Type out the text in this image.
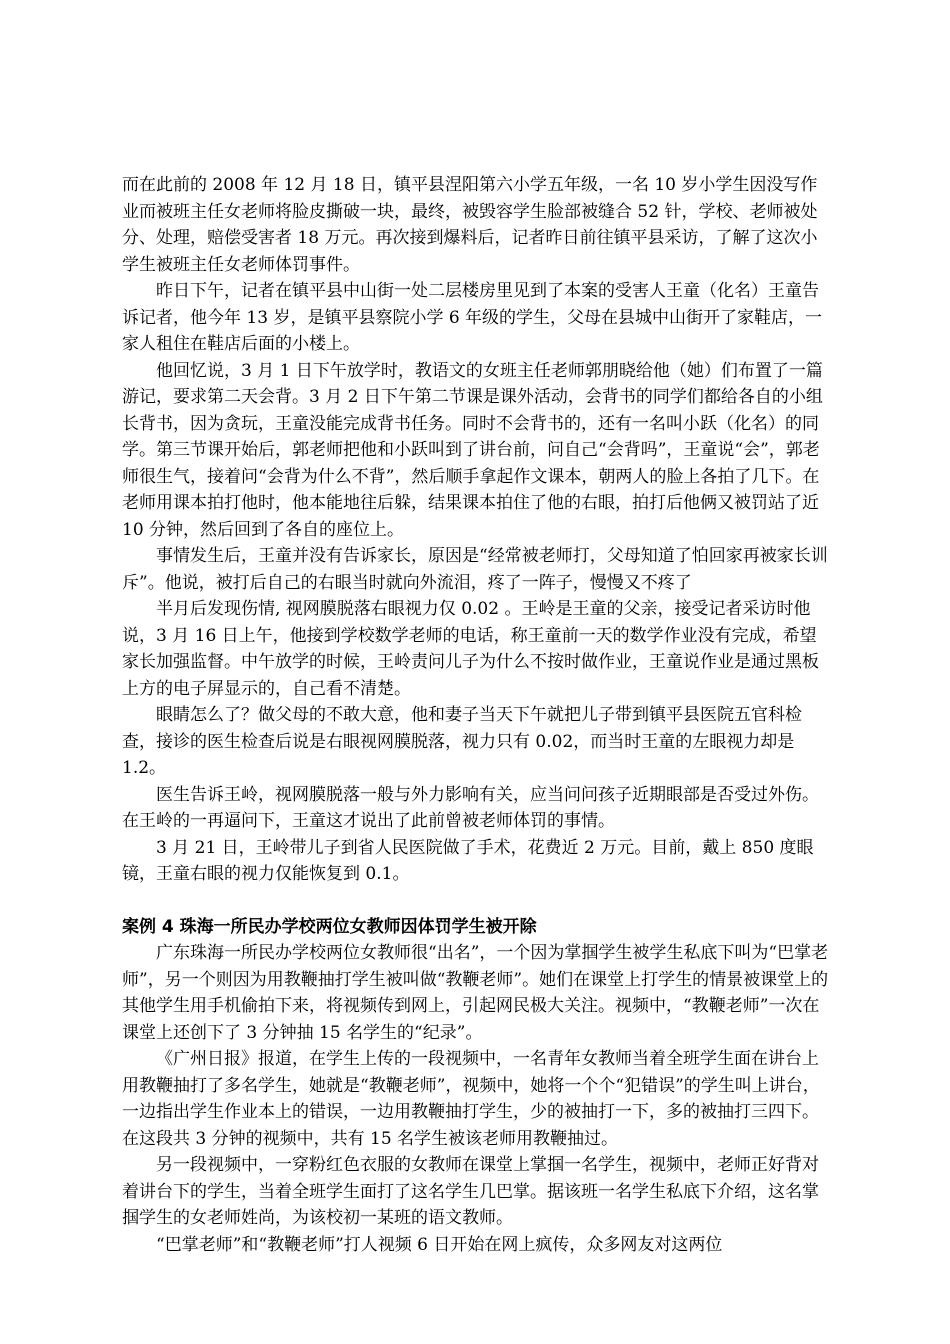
而在此前的 2008 年 12 月 18 日，镇平县涅阳第六小学五年级，一名 10 岁小学生因没写作业而被班主任女老师将脸皮撕破一块，最终，被毁容学生脸部被缝合 52 针，学校、老师被处分、处理，赔偿受害者 18 万元。再次接到爆料后，记者昨日前往镇平县采访，了解了这次小学生被班主任女老师体罚事件。

昨日下午，记者在镇平县中山街一处二层楼房里见到了本案的受害人王童（化名）王童告诉记者，他今年 13 岁，是镇平县察院小学 6 年级的学生，父母在县城中山街开了家鞋店，一家人租住在鞋店后面的小楼上。

他回忆说，3 月 1 日下午放学时，教语文的女班主任老师郭朋晓给他（她）们布置了一篇游记，要求第二天会背。3 月 2 日下午第二节课是课外活动，会背书的同学们都给各自的小组长背书，因为贪玩，王童没能完成背书任务。同时不会背书的，还有一名叫小跃（化名）的同学。第三节课开始后，郭老师把他和小跃叫到了讲台前，问自己“会背吗”，王童说“会”，郭老师很生气，接着问“会背为什么不背”，然后顺手拿起作文课本，朝两人的脸上各拍了几下。在老师用课本拍打他时，他本能地往后躲，结果课本拍住了他的右眼，拍打后他俩又被罚站了近 10 分钟，然后回到了各自的座位上。

事情发生后，王童并没有告诉家长，原因是“经常被老师打，父母知道了怕回家再被家长训斥”。他说，被打后自己的右眼当时就向外流泪，疼了一阵子，慢慢又不疼了

半月后发现伤情, 视网膜脱落右眼视力仅 0.02 。王岭是王童的父亲，接受记者采访时他说，3 月 16 日上午，他接到学校数学老师的电话，称王童前一天的数学作业没有完成，希望家长加强监督。中午放学的时候，王岭责问儿子为什么不按时做作业，王童说作业是通过黑板上方的电子屏显示的，自己看不清楚。

眼睛怎么了？做父母的不敢大意，他和妻子当天下午就把儿子带到镇平县医院五官科检查，接诊的医生检查后说是右眼视网膜脱落，视力只有 0.02，而当时王童的左眼视力却是 1.2。

医生告诉王岭，视网膜脱落一般与外力影响有关，应当问问孩子近期眼部是否受过外伤。在王岭的一再逼问下，王童这才说出了此前曾被老师体罚的事情。

3 月 21 日，王岭带儿子到省人民医院做了手术，花费近 2 万元。目前，戴上 850 度眼镜，王童右眼的视力仅能恢复到 0.1。

案例 4 珠海一所民办学校两位女教师因体罚学生被开除

广东珠海一所民办学校两位女教师很“出名”，一个因为掌掴学生被学生私底下叫为“巴掌老师”，另一个则因为用教鞭抽打学生被叫做“教鞭老师”。她们在课堂上打学生的情景被课堂上的其他学生用手机偷拍下来，将视频传到网上，引起网民极大关注。视频中，“教鞭老师”一次在课堂上还创下了 3 分钟抽 15 名学生的“纪录”。

《广州日报》报道，在学生上传的一段视频中，一名青年女教师当着全班学生面在讲台上用教鞭抽打了多名学生，她就是“教鞭老师”，视频中，她将一个个“犯错误”的学生叫上讲台，一边指出学生作业本上的错误，一边用教鞭抽打学生，少的被抽打一下，多的被抽打三四下。在这段共 3 分钟的视频中，共有 15 名学生被该老师用教鞭抽过。

另一段视频中，一穿粉红色衣服的女教师在课堂上掌掴一名学生，视频中，老师正好背对着讲台下的学生，当着全班学生面打了这名学生几巴掌。据该班一名学生私底下介绍，这名掌掴学生的女老师姓尚，为该校初一某班的语文教师。

“巴掌老师”和“教鞭老师”打人视频 6 日开始在网上疯传，众多网友对这两位
